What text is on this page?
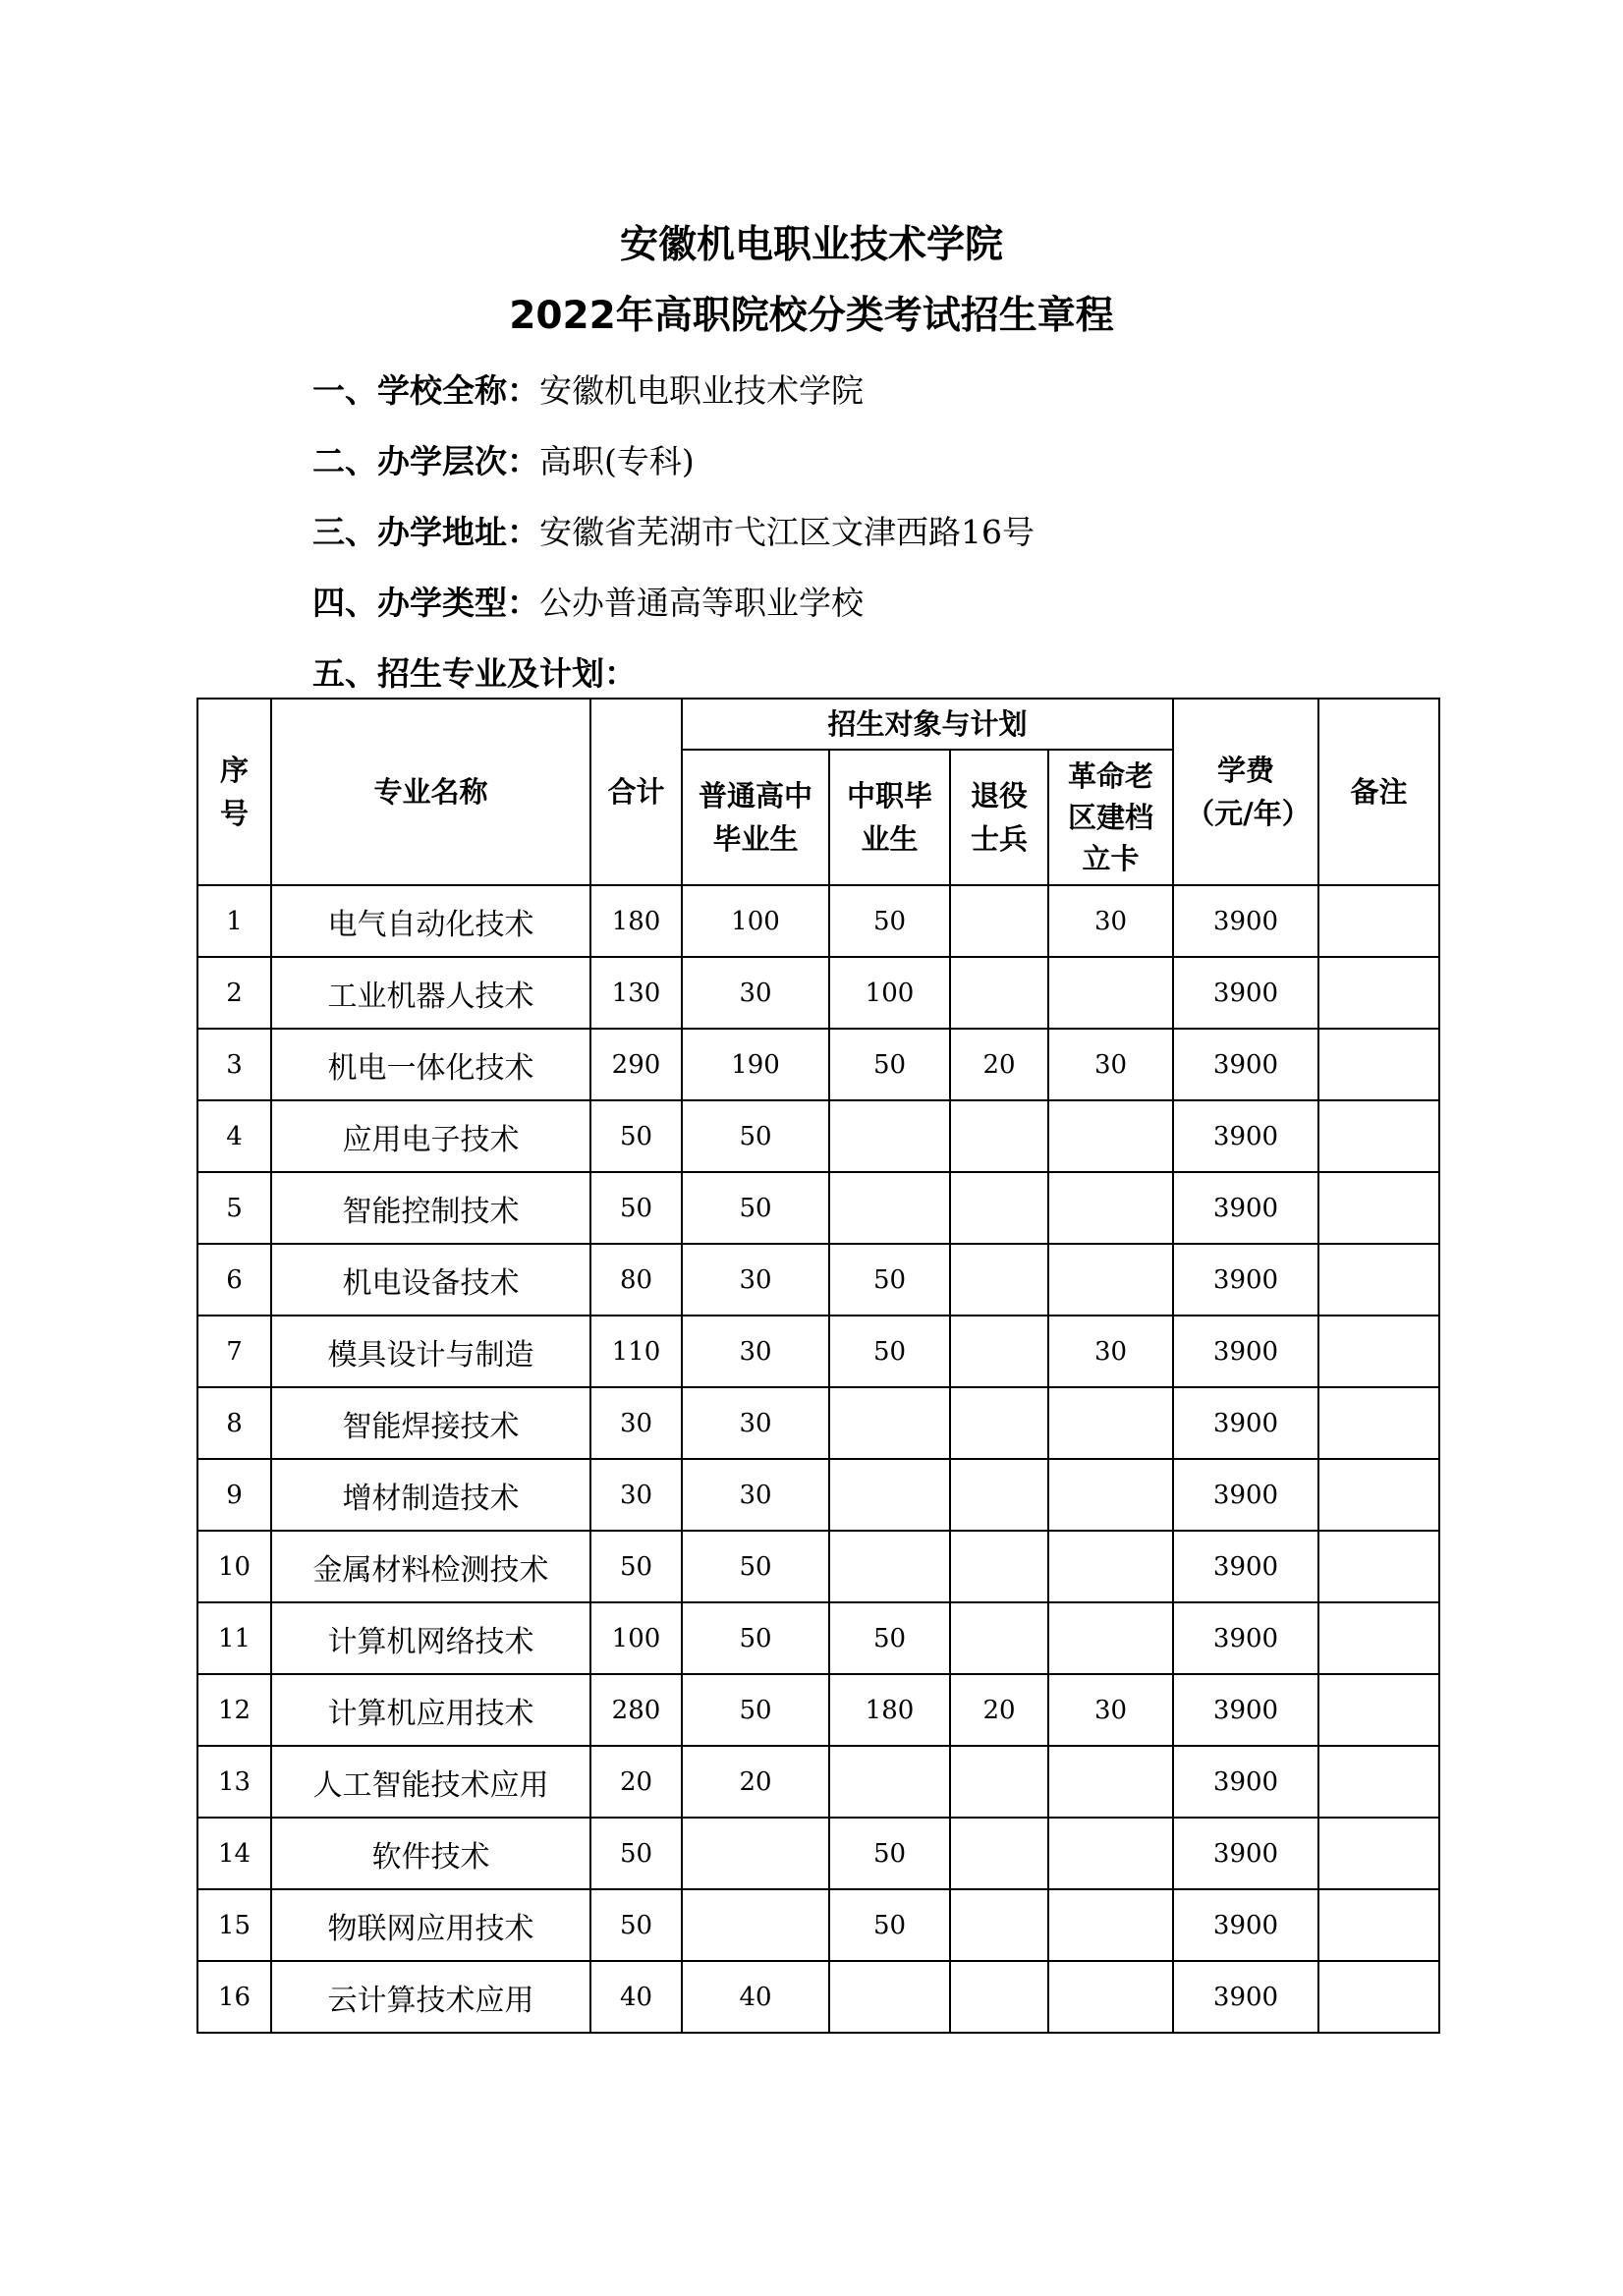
安徽机电职业技术学院
2022年高职院校分类考试招生章程
一、学校全称：安徽机电职业技术学院
二、办学层次：高职(专科)
三、办学地址：安徽省芜湖市弋江区文津西路16号
四、办学类型：公办普通高等职业学校
五、招生专业及计划：
序号	专业名称	合计	招生对象与计划				学费（元/年）	备注

			普通高中毕业生	中职毕业生	退役士兵	革命老区建档立卡		

1	电气自动化技术	180	100	50		30	3900	
2	工业机器人技术	130	30	100			3900	
3	机电一体化技术	290	190	50	20	30	3900	
4	应用电子技术	50	50				3900	
5	智能控制技术	50	50				3900	
6	机电设备技术	80	30	50			3900	
7	模具设计与制造	110	30	50		30	3900	
8	智能焊接技术	30	30				3900	
9	增材制造技术	30	30				3900	
10	金属材料检测技术	50	50				3900	
11	计算机网络技术	100	50	50			3900	
12	计算机应用技术	280	50	180	20	30	3900	
13	人工智能技术应用	20	20				3900	
14	软件技术	50		50			3900	
15	物联网应用技术	50		50			3900	
16	云计算技术应用	40	40				3900	
